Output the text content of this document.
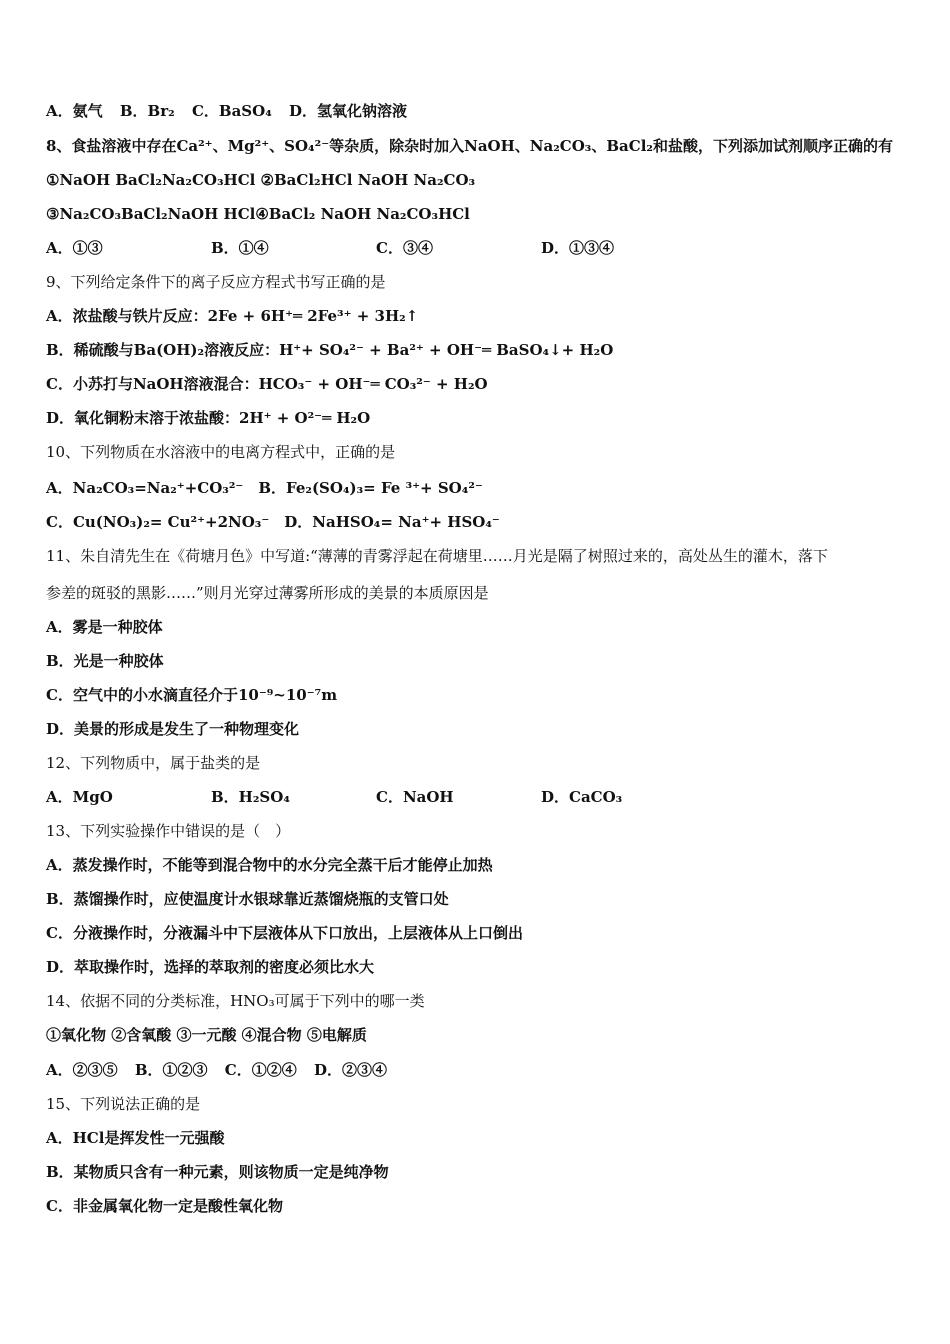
A．氨气 B．Br₂ C．BaSO₄ D．氢氧化钠溶液
8、食盐溶液中存在Ca²⁺、Mg²⁺、SO₄²⁻等杂质，除杂时加入NaOH、Na₂CO₃、BaCl₂和盐酸，下列添加试剂顺序正确的有
①NaOH BaCl₂Na₂CO₃HCl ②BaCl₂HCl NaOH Na₂CO₃
③Na₂CO₃BaCl₂NaOH HCl④BaCl₂ NaOH Na₂CO₃HCl
A．①③	B．①④	C．③④	D．①③④
9、下列给定条件下的离子反应方程式书写正确的是
A．浓盐酸与铁片反应：2Fe + 6H⁺═ 2Fe³⁺ + 3H₂↑
B．稀硫酸与Ba(OH)₂溶液反应：H⁺+ SO₄²⁻ + Ba²⁺ + OH⁻═ BaSO₄↓+ H₂O
C．小苏打与NaOH溶液混合：HCO₃⁻ + OH⁻═ CO₃²⁻ + H₂O
D．氧化铜粉末溶于浓盐酸：2H⁺ + O²⁻═ H₂O
10、下列物质在水溶液中的电离方程式中，正确的是
A．Na₂CO₃=Na₂⁺+CO₃²⁻　B．Fe₂(SO₄)₃= Fe ³⁺+ SO₄²⁻
C．Cu(NO₃)₂= Cu²⁺+2NO₃⁻　D．NaHSO₄= Na⁺+ HSO₄⁻
11、朱自清先生在《荷塘月色》中写道:“薄薄的青雾浮起在荷塘里……月光是隔了树照过来的，高处丛生的灌木，落下
参差的斑驳的黑影……”则月光穿过薄雾所形成的美景的本质原因是
A．雾是一种胶体
B．光是一种胶体
C．空气中的小水滴直径介于10⁻⁹~10⁻⁷m
D．美景的形成是发生了一种物理变化
12、下列物质中，属于盐类的是
A．MgO	B．H₂SO₄	C．NaOH	D．CaCO₃
13、下列实验操作中错误的是（　）
A．蒸发操作时，不能等到混合物中的水分完全蒸干后才能停止加热
B．蒸馏操作时，应使温度计水银球靠近蒸馏烧瓶的支管口处
C．分液操作时，分液漏斗中下层液体从下口放出，上层液体从上口倒出
D．萃取操作时，选择的萃取剂的密度必须比水大
14、依据不同的分类标准，HNO₃可属于下列中的哪一类
①氧化物 ②含氧酸 ③一元酸 ④混合物 ⑤电解质
A．②③⑤ B．①②③ C．①②④ D．②③④
15、下列说法正确的是
A．HCl是挥发性一元强酸
B．某物质只含有一种元素，则该物质一定是纯净物
C．非金属氧化物一定是酸性氧化物
